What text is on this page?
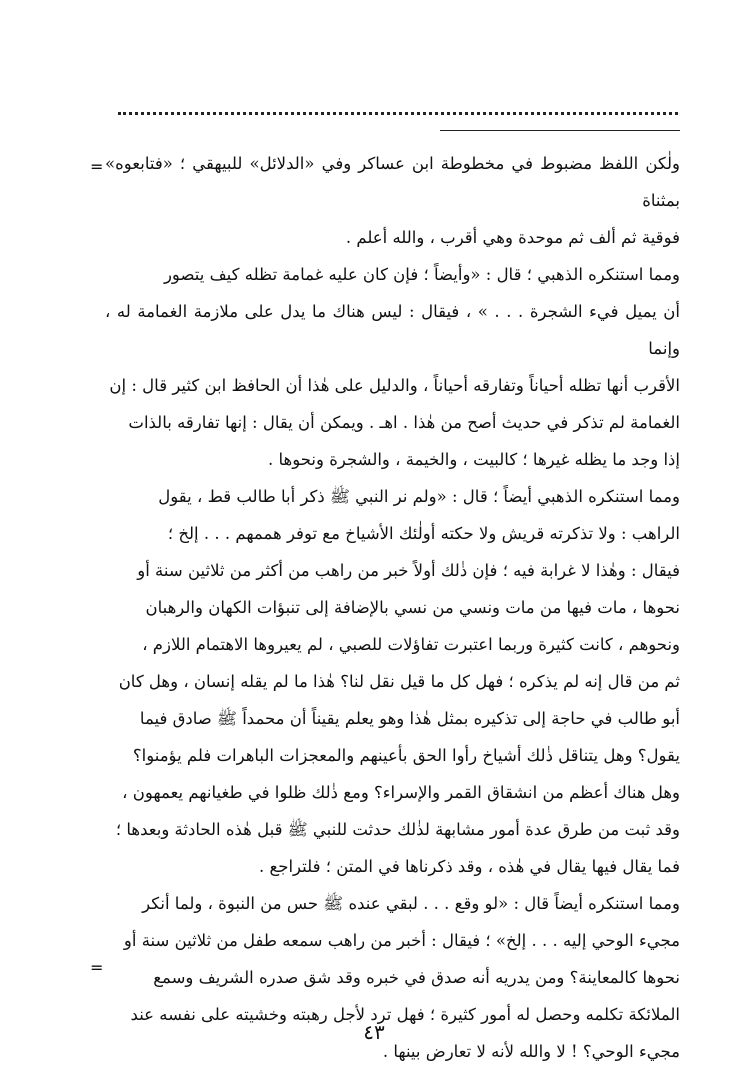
=
=

ولٰكن اللفظ مضبوط في مخطوطة ابن عساكر وفي «الدلائل» للبيهقي ؛ «فتابعوه» بمثناة

فوقية ثم ألف ثم موحدة وهي أقرب ، والله أعلم .

ومما استنكره الذهبي ؛ قال : «وأيضاً ؛ فإن كان عليه غمامة تظله كيف يتصور

أن يميل فيء الشجرة . . . » ، فيقال : ليس هناك ما يدل على ملازمة الغمامة له ، وإنما

الأقرب أنها تظله أحياناً وتفارقه أحياناً ، والدليل على هٰذا أن الحافظ ابن كثير قال : إن

الغمامة لم تذكر في حديث أصح من هٰذا . اهـ . ويمكن أن يقال : إنها تفارقه بالذات

إذا وجد ما يظله غيرها ؛ كالبيت ، والخيمة ، والشجرة ونحوها .

ومما استنكره الذهبي أيضاً ؛ قال : «ولم نر النبي ﷺ ذكر أبا طالب قط ، يقول

الراهب : ولا تذكرته قريش ولا حكته أولٰئك الأشياخ مع توفر هممهم . . . إلخ ؛

فيقال : وهٰذا لا غرابة فيه ؛ فإن ذٰلك أولاً خبر من راهب من أكثر من ثلاثين سنة أو

نحوها ، مات فيها من مات ونسي من نسي بالإضافة إلى تنبؤات الكهان والرهبان

ونحوهم ، كانت كثيرة وربما اعتبرت تفاؤلات للصبي ، لم يعيروها الاهتمام اللازم ،

ثم من قال إنه لم يذكره ؛ فهل كل ما قيل نقل لنا؟ هٰذا ما لم يقله إنسان ، وهل كان

أبو طالب في حاجة إلى تذكيره بمثل هٰذا وهو يعلم يقيناً أن محمداً ﷺ صادق فيما

يقول؟ وهل يتناقل ذٰلك أشياخ رأوا الحق بأعينهم والمعجزات الباهرات فلم يؤمنوا؟

وهل هناك أعظم من انشقاق القمر والإسراء؟ ومع ذٰلك ظلوا في طغيانهم يعمهون ،

وقد ثبت من طرق عدة أمور مشابهة لذٰلك حدثت للنبي ﷺ قبل هٰذه الحادثة وبعدها ؛

فما يقال فيها يقال في هٰذه ، وقد ذكرناها في المتن ؛ فلتراجع .

ومما استنكره أيضاً قال : «لو وقع . . . لبقي عنده ﷺ حس من النبوة ، ولما أنكر

مجيء الوحي إليه . . . إلخ» ؛ فيقال : أخبر من راهب سمعه طفل من ثلاثين سنة أو

نحوها كالمعاينة؟ ومن يدريه أنه صدق في خبره وقد شق صدره الشريف وسمع

الملائكة تكلمه وحصل له أمور كثيرة ؛ فهل ترد لأجل رهبته وخشيته على نفسه عند

مجيء الوحي؟ ! لا والله لأنه لا تعارض بينها .

٤٣
